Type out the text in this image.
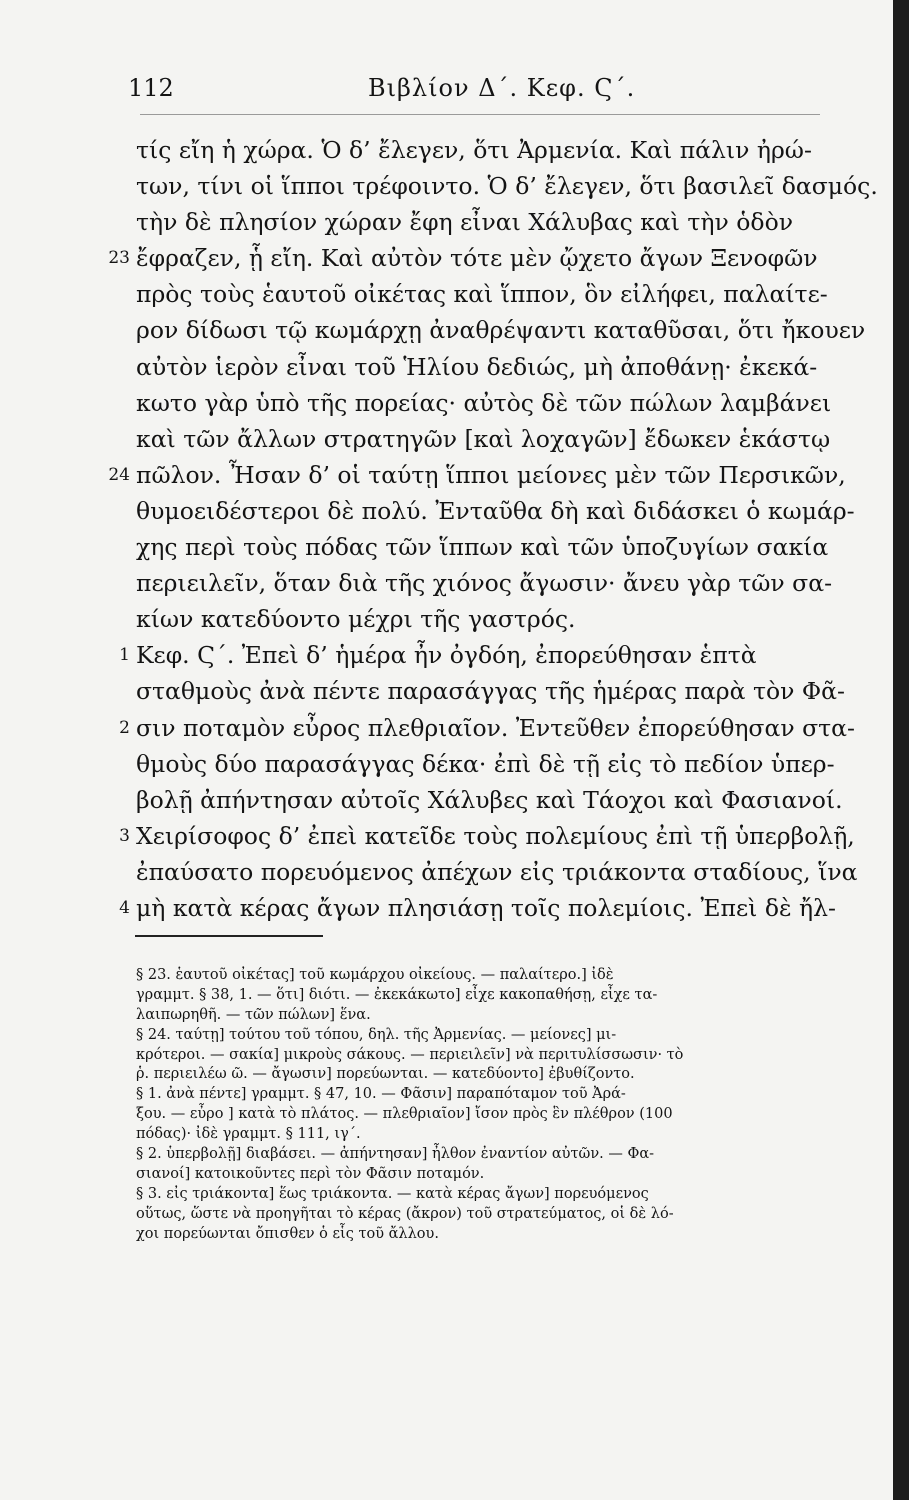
112	Βιβλίον Δ΄. Κεφ. Ϛ΄.
τίς εἴη ἡ χώρα. Ὁ δ’ ἔλεγεν, ὅτι Ἀρμενία. Καὶ πάλιν ἠρώ-
των, τίνι οἱ ἵπποι τρέφοιντο. Ὁ δ’ ἔλεγεν, ὅτι βασιλεῖ δασμός.
τὴν δὲ πλησίον χώραν ἔφη εἶναι Χάλυβας καὶ τὴν ὁδὸν
23 ἔφραζεν, ᾗ εἴη. Καὶ αὐτὸν τότε μὲν ᾤχετο ἄγων Ξενοφῶν
πρὸς τοὺς ἑαυτοῦ οἰκέτας καὶ ἵππον, ὃν εἰλήφει, παλαίτε-
ρον δίδωσι τῷ κωμάρχῃ ἀναθρέψαντι καταθῦσαι, ὅτι ἤκουεν
αὐτὸν ἱερὸν εἶναι τοῦ Ἡλίου δεδιώς, μὴ ἀποθάνῃ· ἐκεκά-
κωτο γὰρ ὑπὸ τῆς πορείας· αὐτὸς δὲ τῶν πώλων λαμβάνει
καὶ τῶν ἄλλων στρατηγῶν [καὶ λοχαγῶν] ἔδωκεν ἑκάστῳ
24 πῶλον. Ἦσαν δ’ οἱ ταύτῃ ἵπποι μείονες μὲν τῶν Περσικῶν,
θυμοειδέστεροι δὲ πολύ. Ἐνταῦθα δὴ καὶ διδάσκει ὁ κωμάρ-
χης περὶ τοὺς πόδας τῶν ἵππων καὶ τῶν ὑποζυγίων σακία
περιειλεῖν, ὅταν διὰ τῆς χιόνος ἄγωσιν· ἄνευ γὰρ τῶν σα-
κίων κατεδύοντο μέχρι τῆς γαστρός.
1 Κεφ. Ϛ΄. Ἐπεὶ δ’ ἡμέρα ἦν ὀγδόη, ἐπορεύθησαν ἑπτὰ
σταθμοὺς ἀνὰ πέντε παρασάγγας τῆς ἡμέρας παρὰ τὸν Φᾶ-
2 σιν ποταμὸν εὖρος πλεθριαῖον. Ἐντεῦθεν ἐπορεύθησαν στα-
θμοὺς δύο παρασάγγας δέκα· ἐπὶ δὲ τῇ εἰς τὸ πεδίον ὑπερ-
βολῇ ἀπήντησαν αὐτοῖς Χάλυβες καὶ Τάοχοι καὶ Φασιανοί.
3 Χειρίσοφος δ’ ἐπεὶ κατεῖδε τοὺς πολεμίους ἐπὶ τῇ ὑπερβολῇ,
ἐπαύσατο πορευόμενος ἀπέχων εἰς τριάκοντα σταδίους, ἵνα
4 μὴ κατὰ κέρας ἄγων πλησιάσῃ τοῖς πολεμίοις. Ἐπεὶ δὲ ἤλ-
§ 23. ἑαυτοῦ οἰκέτας] τοῦ κωμάρχου οἰκείους. — παλαίτερο.] ἰδὲ
γραμμτ. § 38, 1. — ὅτι] διότι. — ἐκεκάκωτο] εἶχε κακοπαθήσῃ, εἶχε τα-
λαιπωρηθῆ. — τῶν πώλων] ἕνα.
§ 24. ταύτῃ] τούτου τοῦ τόπου, δηλ. τῆς Ἀρμενίας. — μείονες] μι-
κρότεροι. — σακία] μικροὺς σάκους. — περιειλεῖν] νὰ περιτυλίσσωσιν· τὸ
ῥ. περιειλέω ῶ. — ἄγωσιν] πορεύωνται. — κατεδύοντο] ἐβυθίζοντο.
§ 1. ἀνὰ πέντε] γραμμτ. § 47, 10. — Φᾶσιν] παραπόταμον τοῦ Ἀρά-
ξου. — εὖρο ] κατὰ τὸ πλάτος. — πλεθριαῖον] ἴσον πρὸς ἓν πλέθρον (100
πόδας)· ἰδὲ γραμμτ. § 111, ιγ΄.
§ 2. ὑπερβολῇ] διαβάσει. — ἀπήντησαν] ἦλθον ἐναντίον αὐτῶν. — Φα-
σιανοί] κατοικοῦντες περὶ τὸν Φᾶσιν ποταμόν.
§ 3. εἰς τριάκοντα] ἕως τριάκοντα. — κατὰ κέρας ἄγων] πορευόμενος
οὕτως, ὥστε νὰ προηγῆται τὸ κέρας (ἄκρον) τοῦ στρατεύματος, οἱ δὲ λό-
χοι πορεύωνται ὄπισθεν ὁ εἷς τοῦ ἄλλου.
